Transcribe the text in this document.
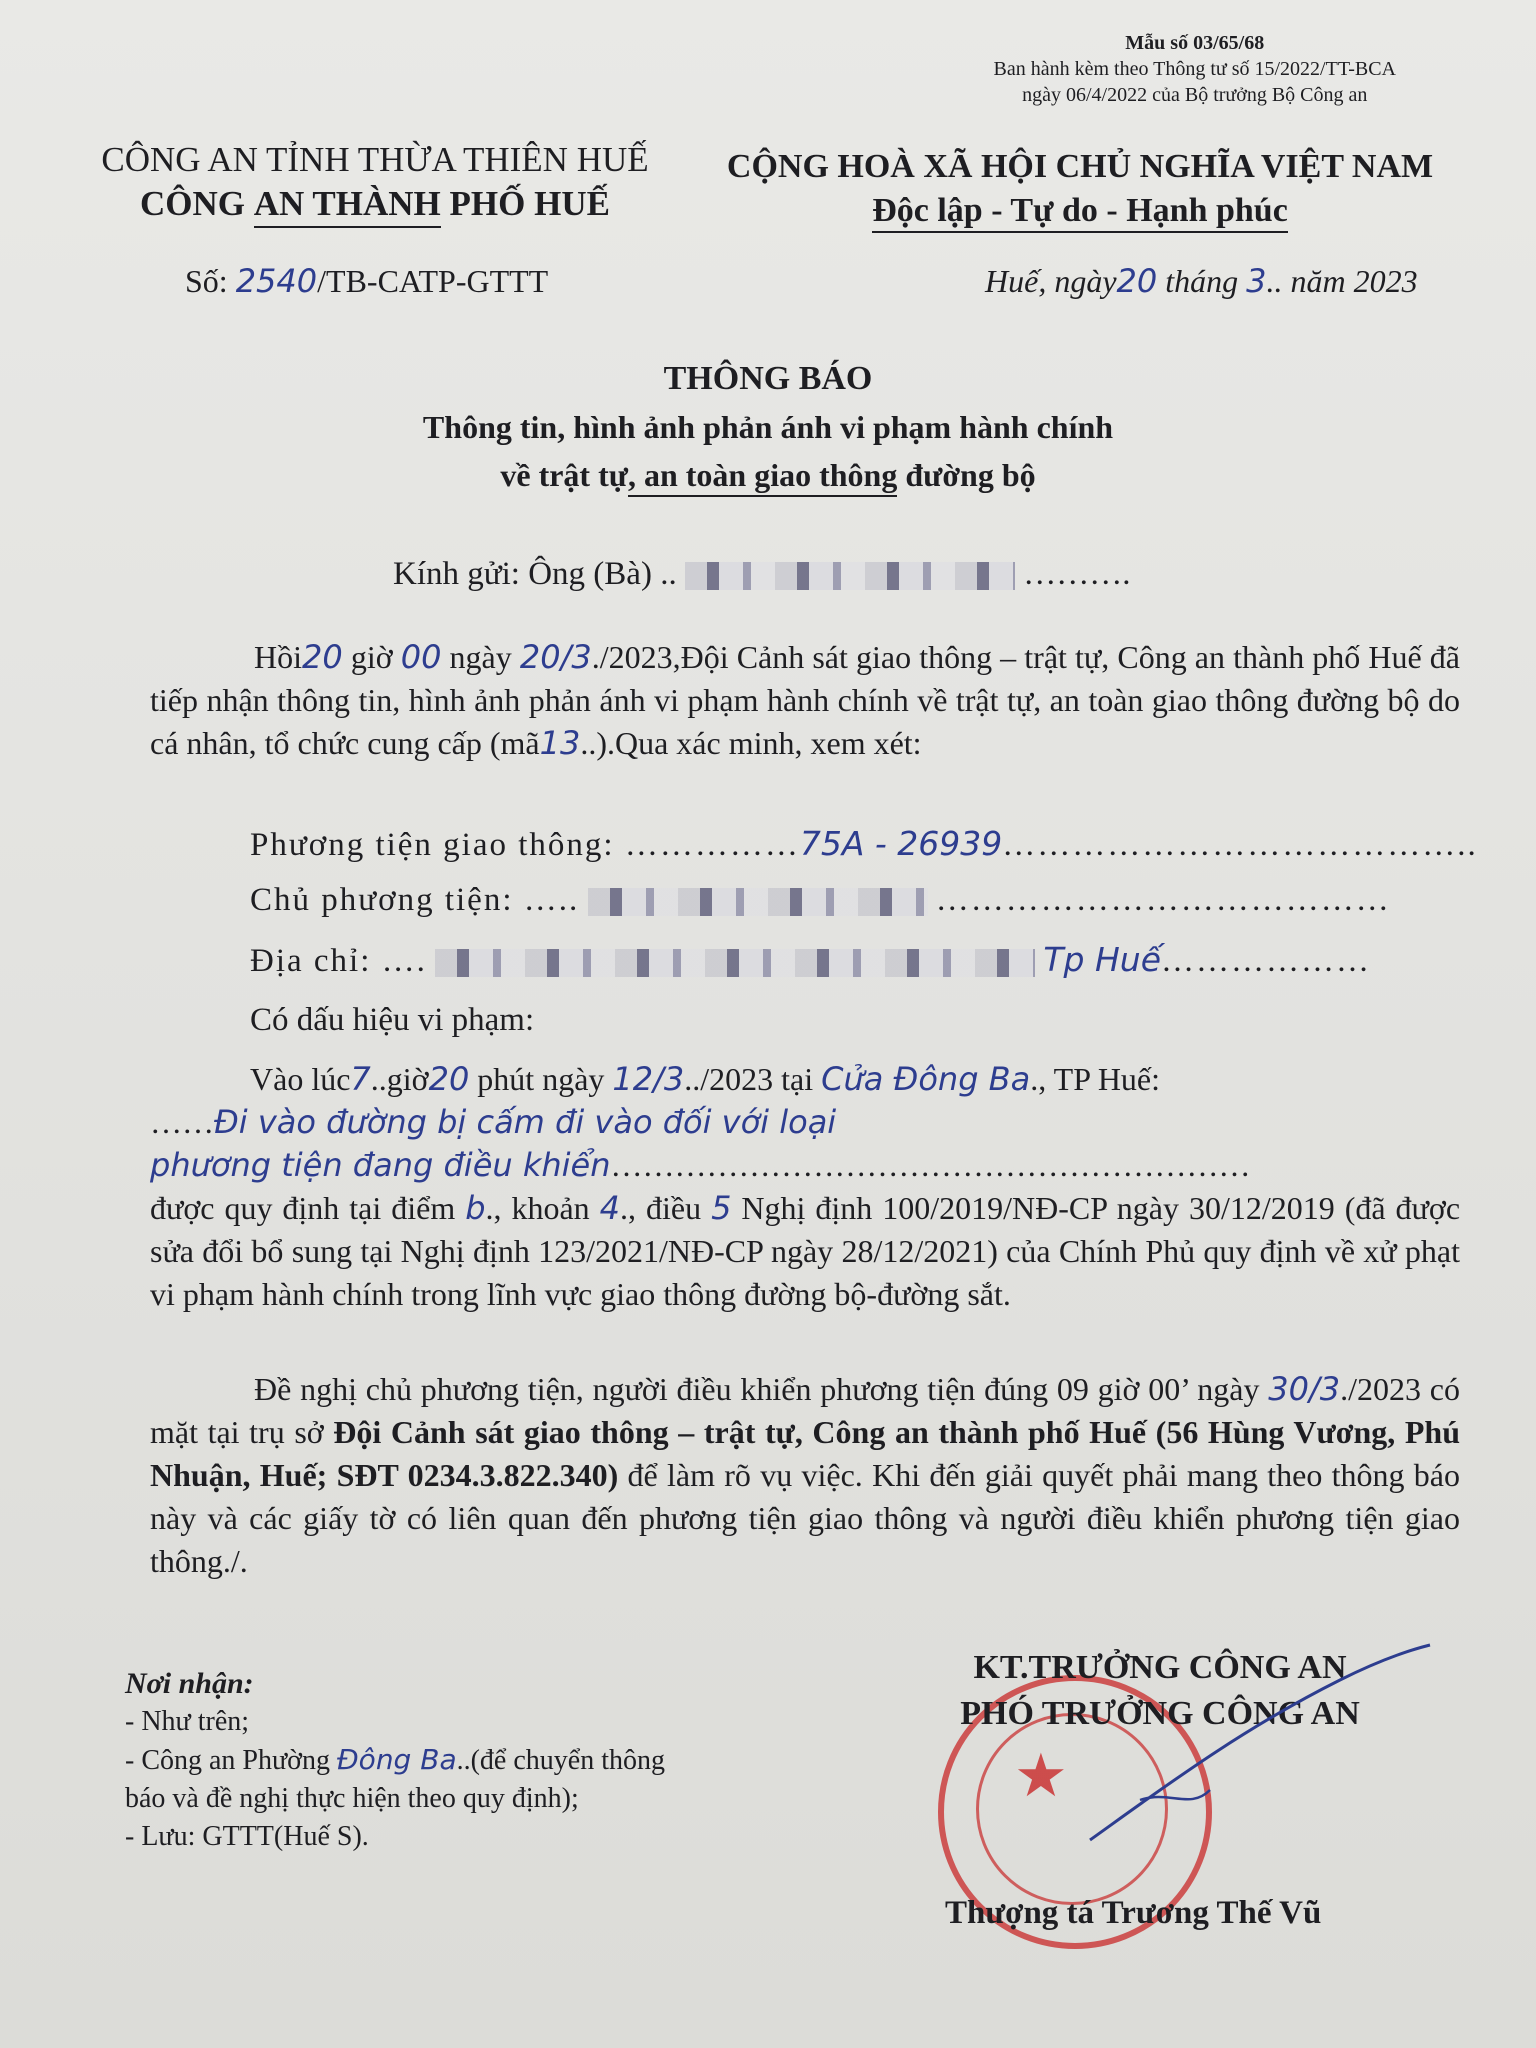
Mẫu số 03/65/68
Ban hành kèm theo Thông tư số 15/2022/TT-BCA
ngày 06/4/2022 của Bộ trưởng Bộ Công an
CÔNG AN TỈNH THỪA THIÊN HUẾ
CÔNG AN THÀNH PHỐ HUẾ
CỘNG HOÀ XÃ HỘI CHỦ NGHĨA VIỆT NAM
Độc lập - Tự do - Hạnh phúc
Số: 2540/TB-CATP-GTTT	Huế, ngày20 tháng 3.. năm 2023
THÔNG BÁO
Thông tin, hình ảnh phản ánh vi phạm hành chính
về trật tự, an toàn giao thông đường bộ
Kính gửi: Ông (Bà) ..	……….
Hồi20 giờ 00 ngày 20/3./2023,Đội Cảnh sát giao thông – trật tự, Công an thành phố Huế đã tiếp nhận thông tin, hình ảnh phản ánh vi phạm hành chính về trật tự, an toàn giao thông đường bộ do cá nhân, tổ chức cung cấp (mã13..).Qua xác minh, xem xét:
Phương tiện giao thông: ……………75A - 26939…………………………………..
Chủ phương tiện: …..	…………………………………
Địa chỉ: ….	Tp Huế………………
Có dấu hiệu vi phạm:
Vào lúc7..giờ20 phút ngày 12/3../2023 tại Cửa Đông Ba., TP Huế:
……Đi vào đường bị cấm đi vào đối với loại
phương tiện đang điều khiển……………………………………………………
được quy định tại điểm b., khoản 4., điều 5 Nghị định 100/2019/NĐ-CP ngày 30/12/2019 (đã được sửa đổi bổ sung tại Nghị định 123/2021/NĐ-CP ngày 28/12/2021) của Chính Phủ quy định về xử phạt vi phạm hành chính trong lĩnh vực giao thông đường bộ-đường sắt.
Đề nghị chủ phương tiện, người điều khiển phương tiện đúng 09 giờ 00’ ngày 30/3./2023 có mặt tại trụ sở Đội Cảnh sát giao thông – trật tự, Công an thành phố Huế (56 Hùng Vương, Phú Nhuận, Huế; SĐT 0234.3.822.340) để làm rõ vụ việc. Khi đến giải quyết phải mang theo thông báo này và các giấy tờ có liên quan đến phương tiện giao thông và người điều khiển phương tiện giao thông./.
Nơi nhận:
- Như trên;
- Công an Phường Đông Ba..(để chuyển thông
báo và đề nghị thực hiện theo quy định);
- Lưu: GTTT(Huế S).
★
KT.TRƯỞNG CÔNG AN
PHÓ TRƯỞNG CÔNG AN
Thượng tá Trương Thế Vũ
